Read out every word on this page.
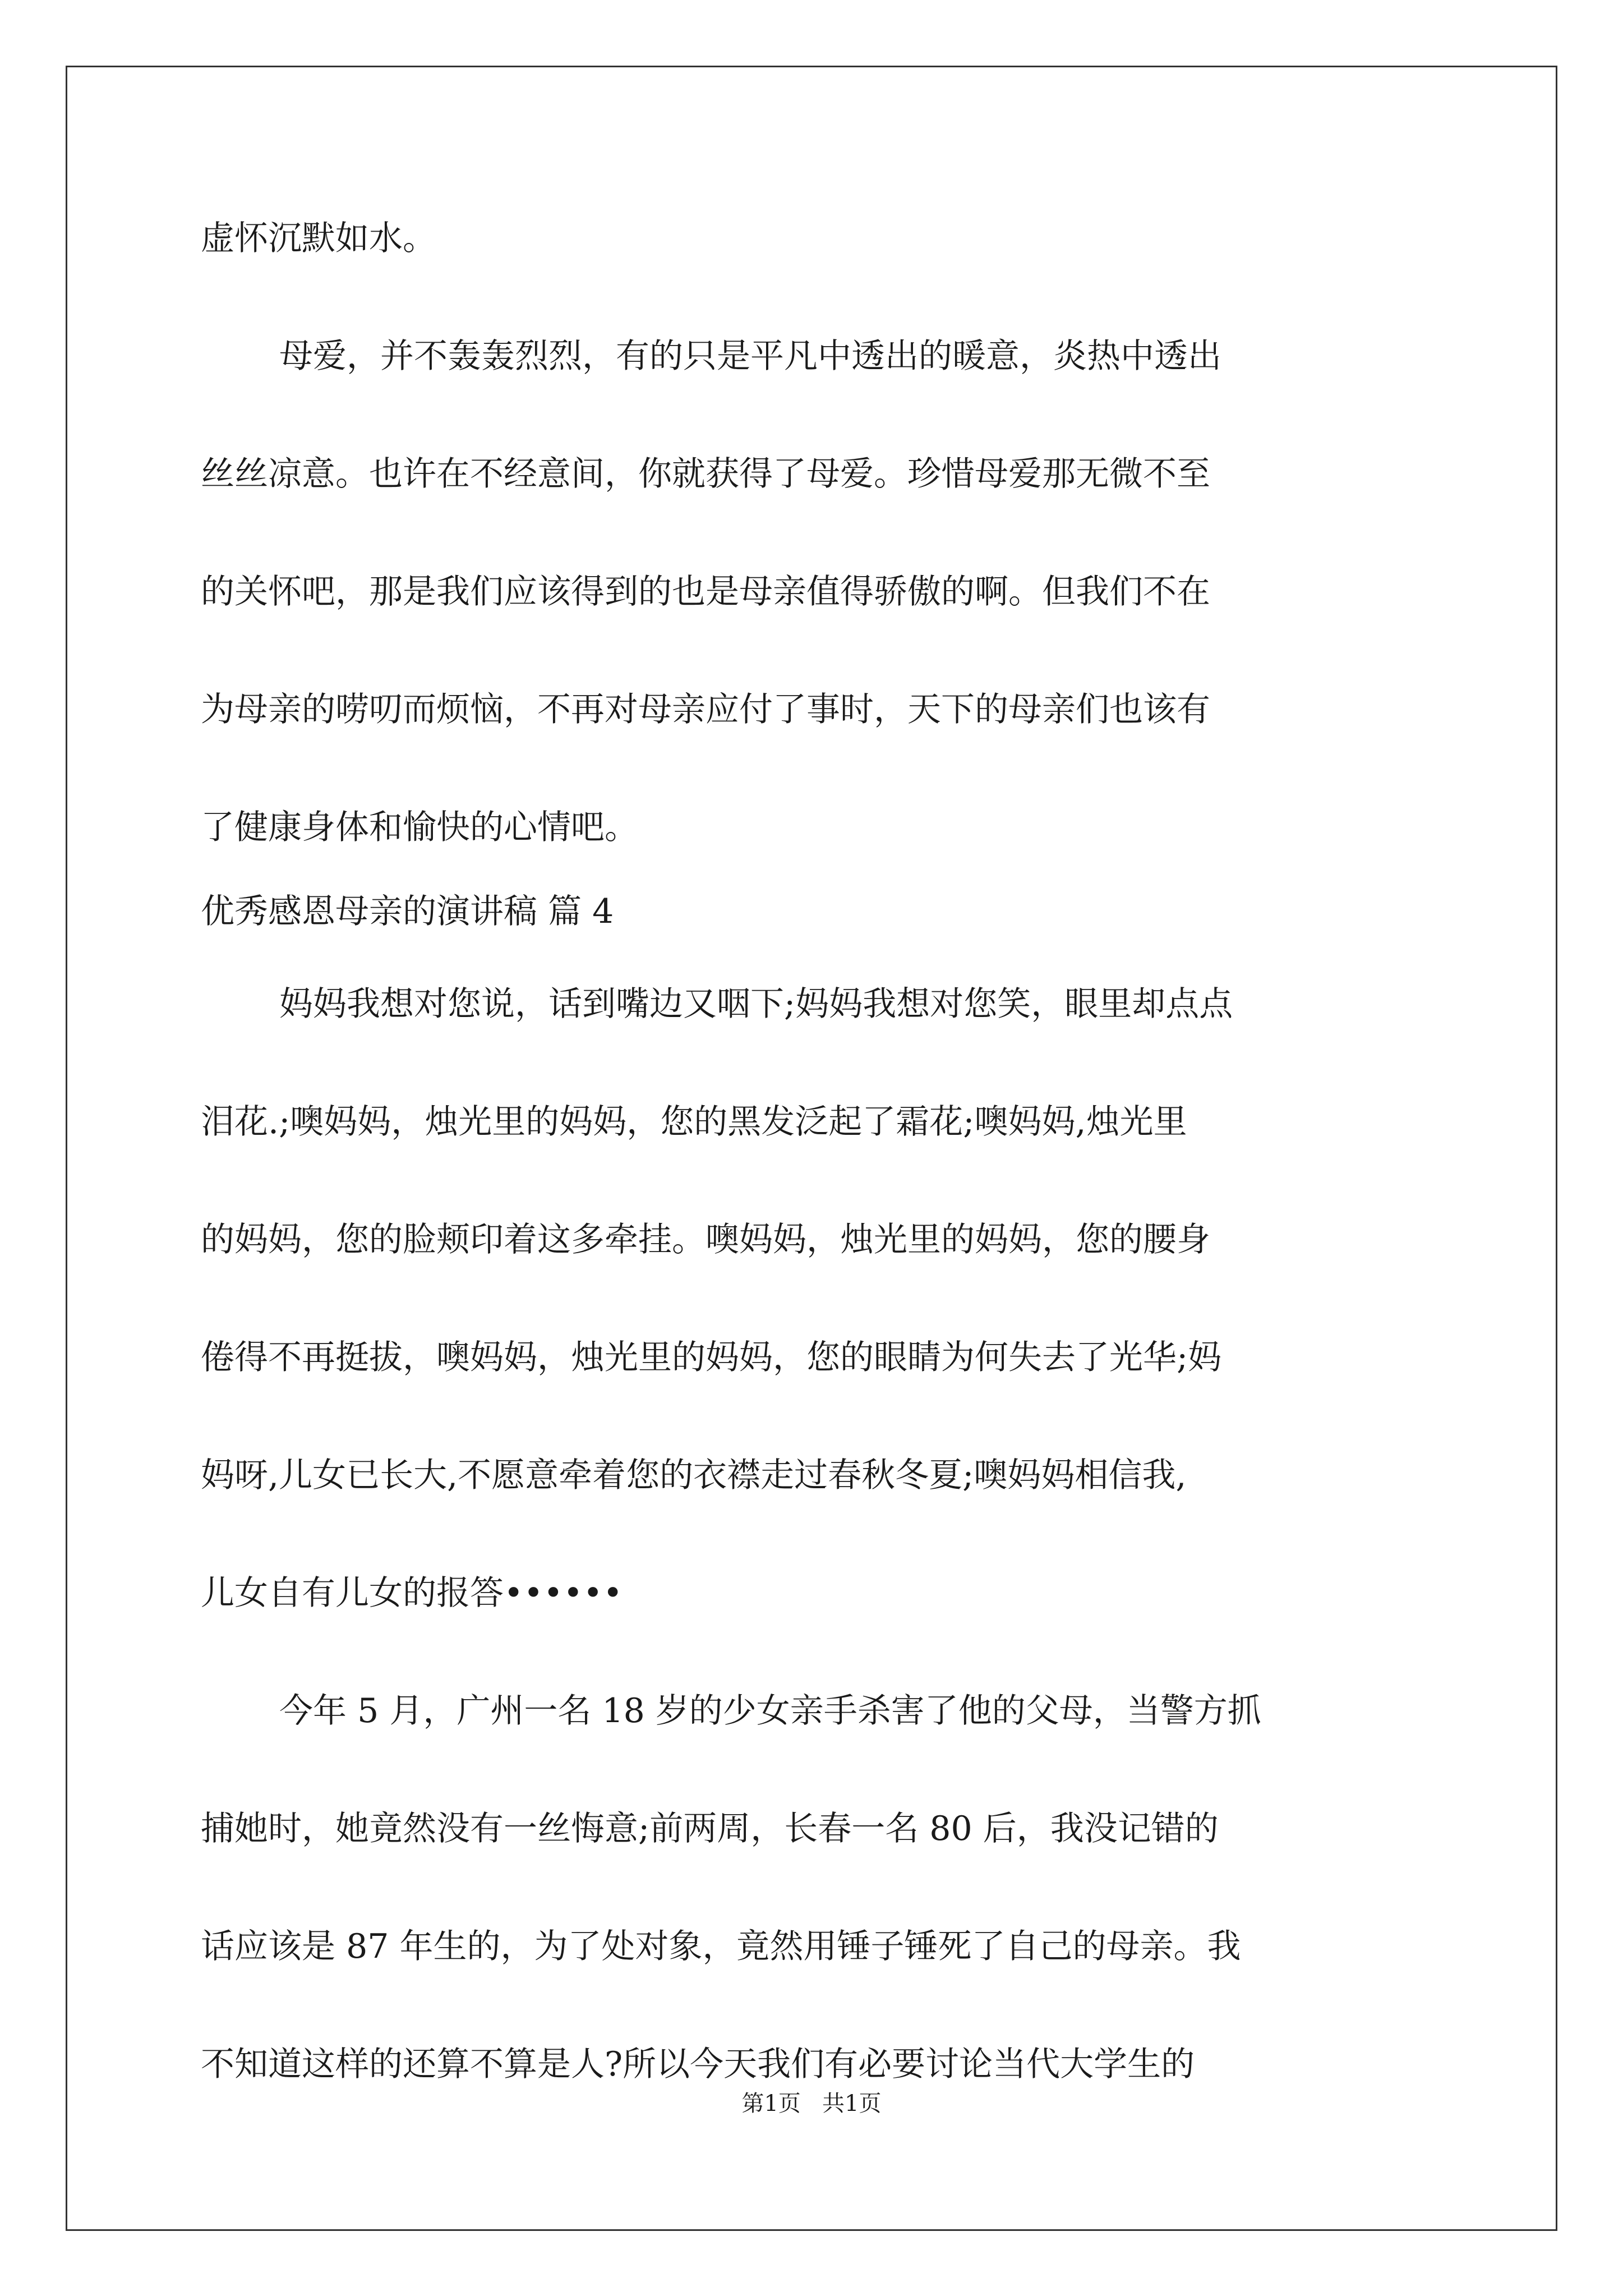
虚怀沉默如水。

母爱，并不轰轰烈烈，有的只是平凡中透出的暖意，炎热中透出

丝丝凉意。也许在不经意间，你就获得了母爱。珍惜母爱那无微不至

的关怀吧，那是我们应该得到的也是母亲值得骄傲的啊。但我们不在

为母亲的唠叨而烦恼，不再对母亲应付了事时，天下的母亲们也该有

了健康身体和愉快的心情吧。

优秀感恩母亲的演讲稿 篇 4

妈妈我想对您说，话到嘴边又咽下;妈妈我想对您笑，眼里却点点

泪花.;噢妈妈，烛光里的妈妈，您的黑发泛起了霜花;噢妈妈,烛光里

的妈妈，您的脸颊印着这多牵挂。噢妈妈，烛光里的妈妈，您的腰身

倦得不再挺拔，噢妈妈，烛光里的妈妈，您的眼睛为何失去了光华;妈

妈呀,儿女已长大,不愿意牵着您的衣襟走过春秋冬夏;噢妈妈相信我,

儿女自有儿女的报答••••••

今年 5 月，广州一名 18 岁的少女亲手杀害了他的父母，当警方抓

捕她时，她竟然没有一丝悔意;前两周，长春一名 80 后，我没记错的

话应该是 87 年生的，为了处对象，竟然用锤子锤死了自己的母亲。我

不知道这样的还算不算是人?所以今天我们有必要讨论当代大学生的

第1页   共1页
